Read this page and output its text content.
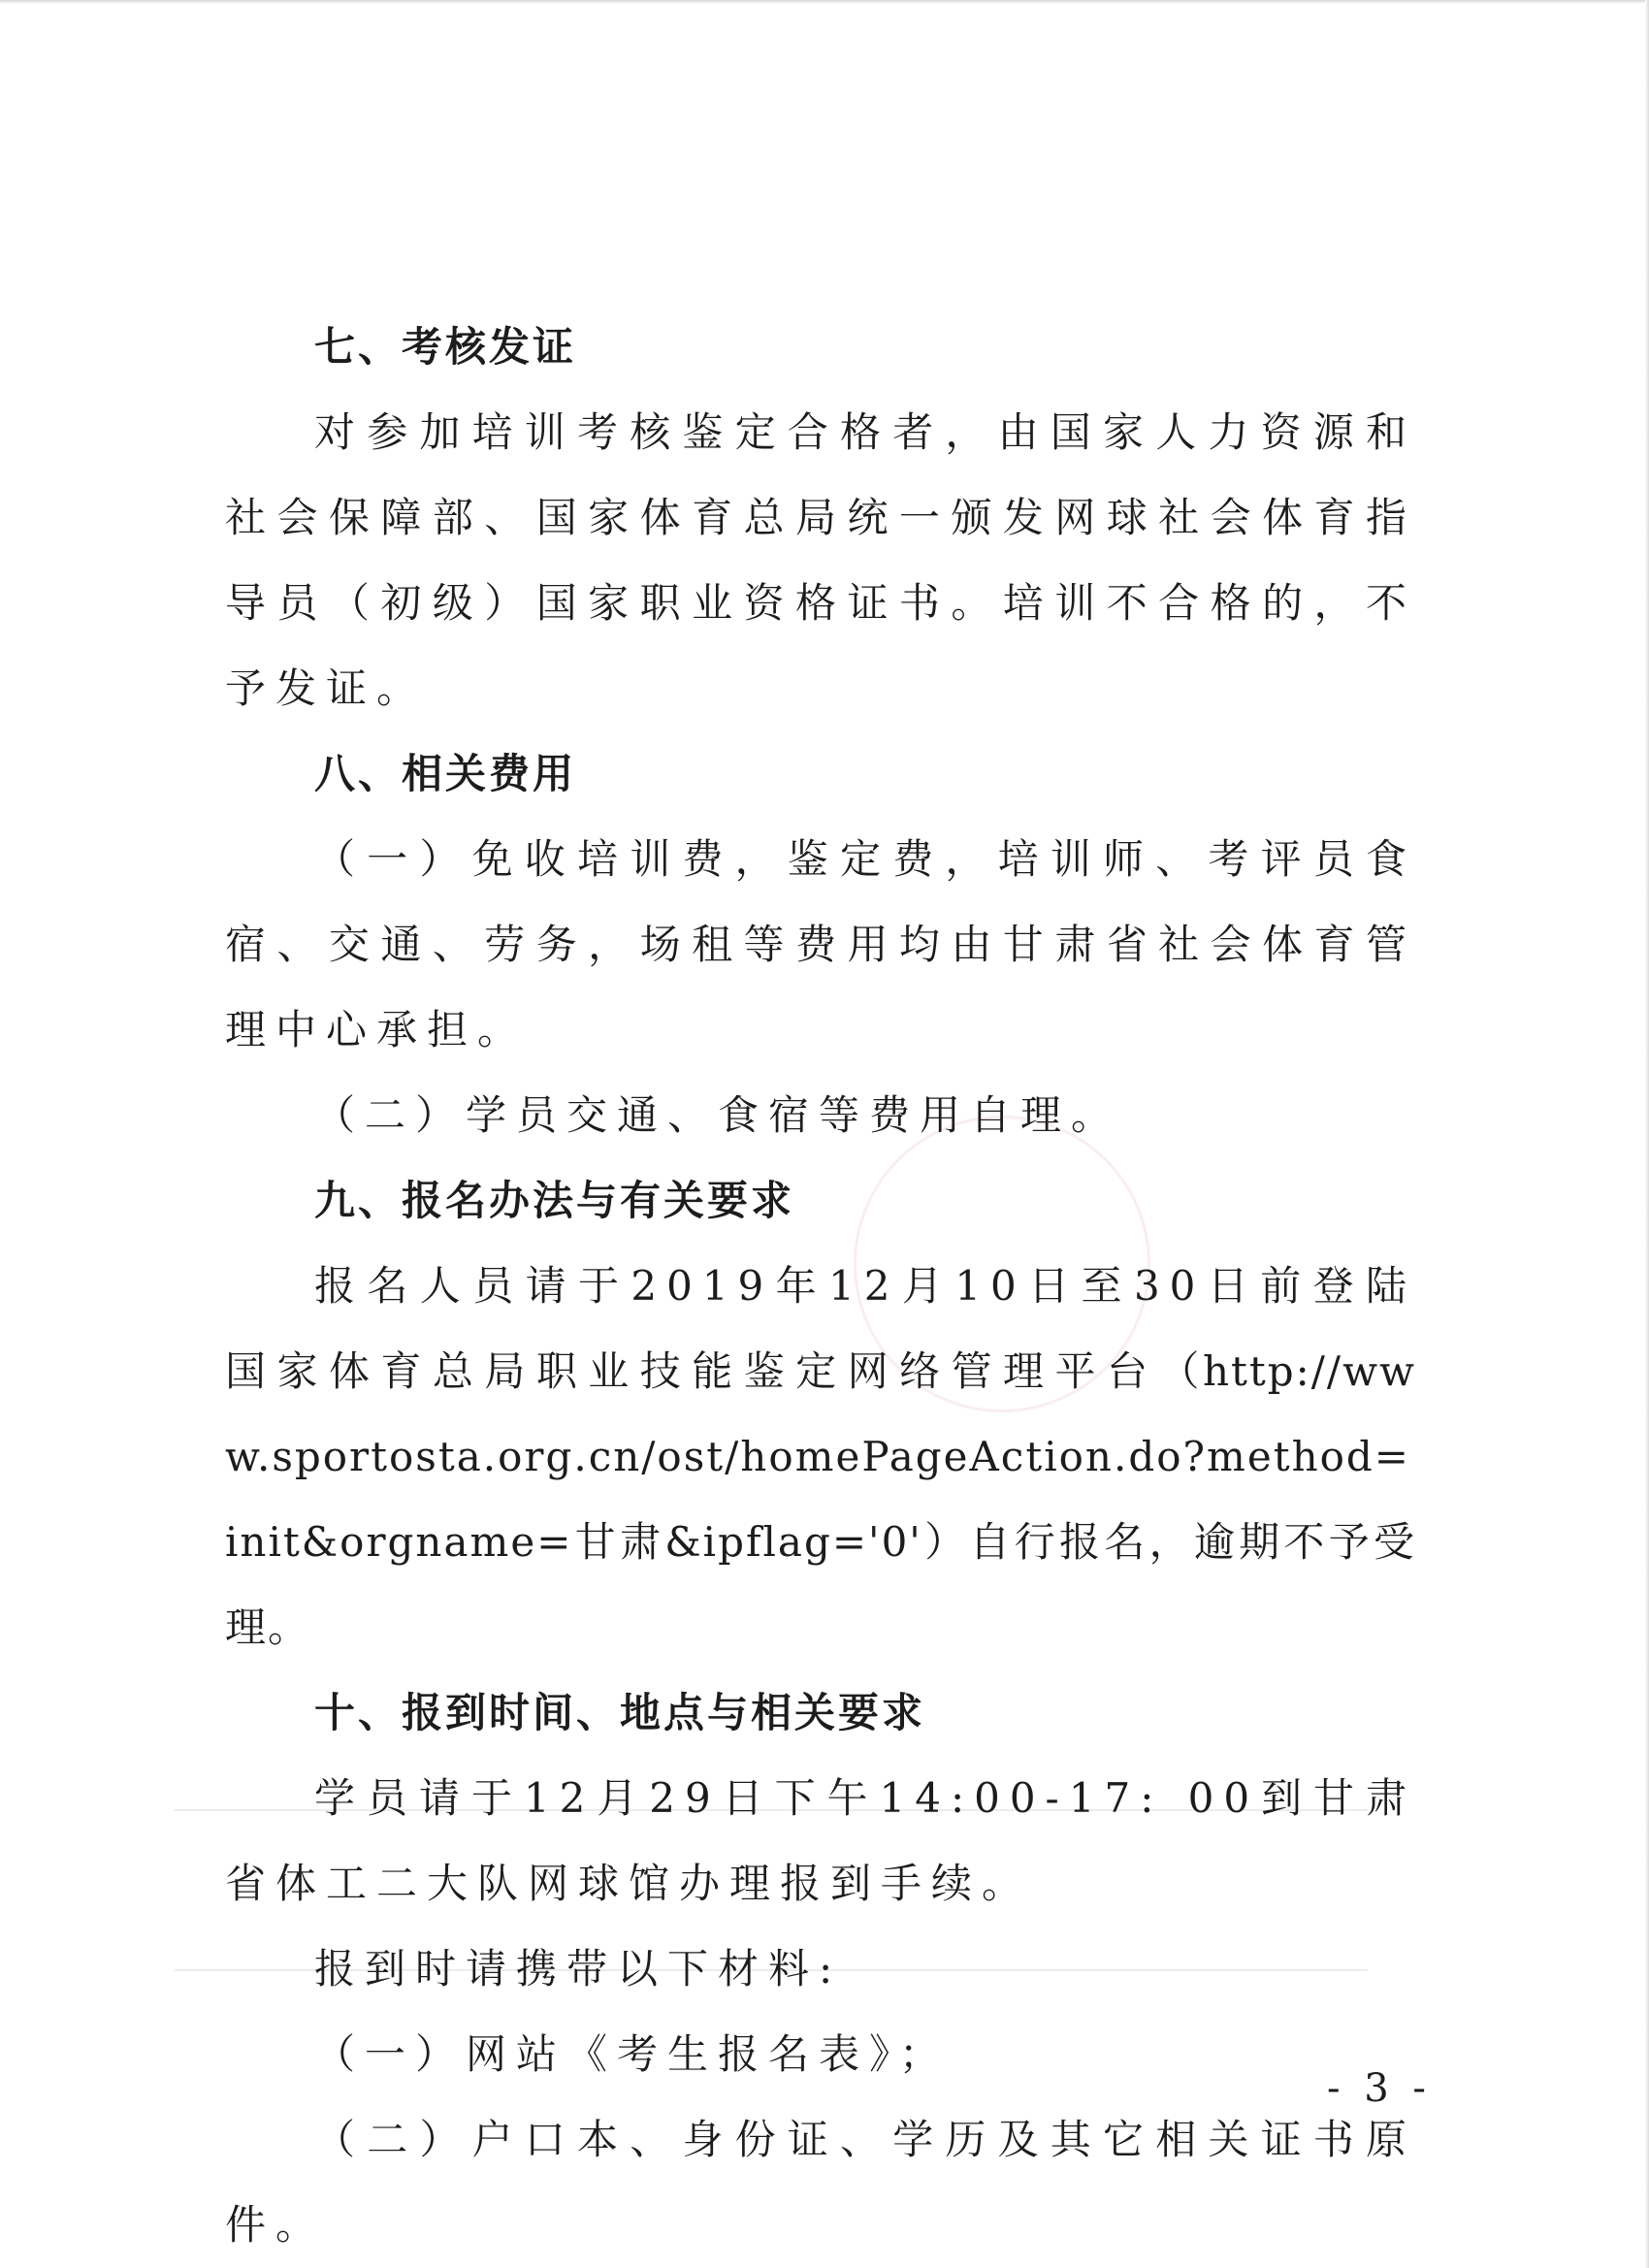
七、考核发证

对参加培训考核鉴定合格者，由国家人力资源和社会保障部、国家体育总局统一颁发网球社会体育指导员（初级）国家职业资格证书。培训不合格的，不予发证。

八、相关费用

（一）免收培训费，鉴定费，培训师、考评员食宿、交通、劳务，场租等费用均由甘肃省社会体育管理中心承担。

（二）学员交通、食宿等费用自理。

九、报名办法与有关要求

报名人员请于2019年12月10日至30日前登陆国家体育总局职业技能鉴定网络管理平台（http://www.sportosta.org.cn/ost/homePageAction.do?method=init&orgname=甘肃&ipflag='0'）自行报名，逾期不予受理。

十、报到时间、地点与相关要求

学员请于12月29日下午14:00-17: 00到甘肃省体工二大队网球馆办理报到手续。

报到时请携带以下材料:

（一）网站《考生报名表》；

（二）户口本、身份证、学历及其它相关证书原件。

- 3 -
